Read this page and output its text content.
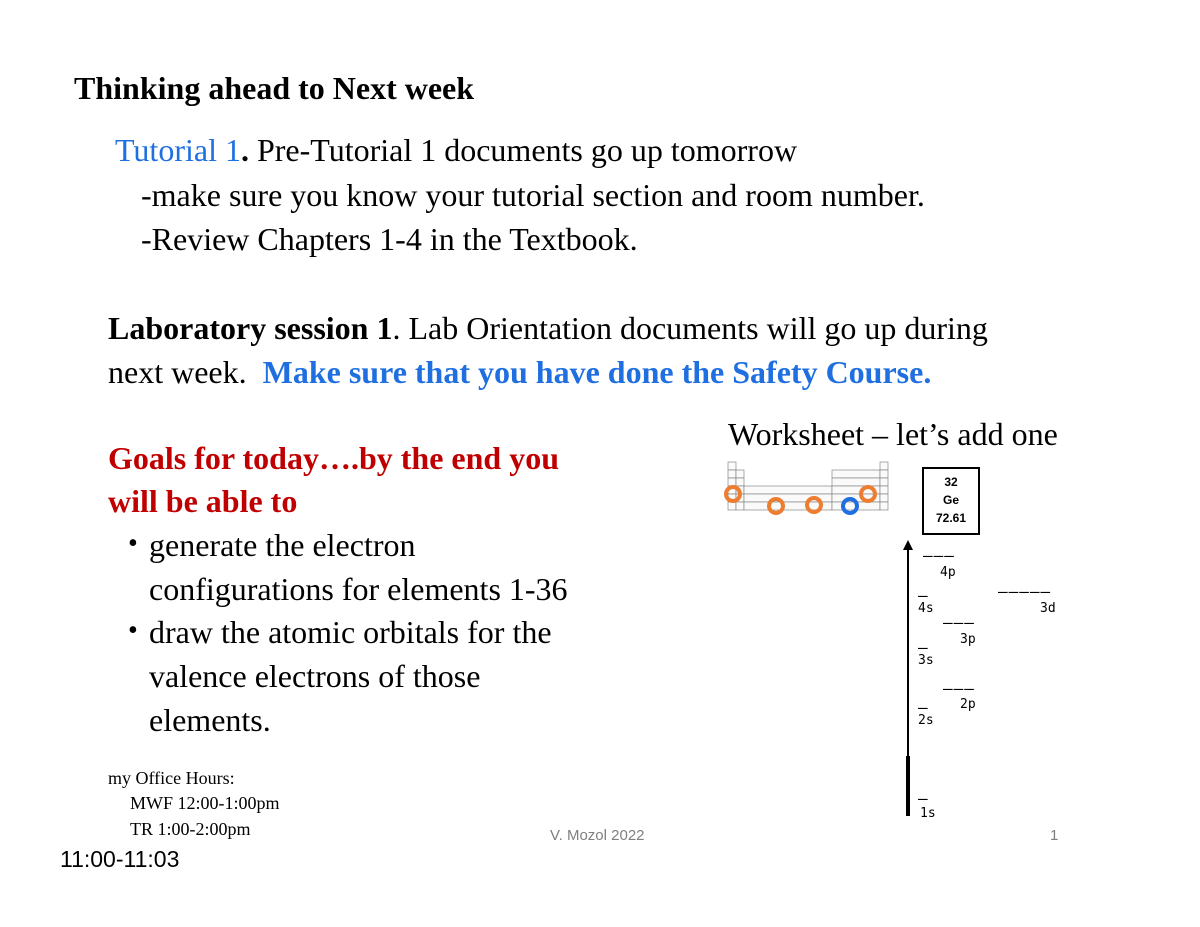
Thinking ahead to Next week
Tutorial 1. Pre-Tutorial 1 documents go up tomorrow
-make sure you know your tutorial section and room number.
-Review Chapters 1-4 in the Textbook.
Laboratory session 1. Lab Orientation documents will go up during
next week.  Make sure that you have done the Safety Course.
Goals for today….by the end you
will be able to
• generate the electron
configurations for elements 1-36
• draw the atomic orbitals for the
valence electrons of those
elements.
my Office Hours:
MWF 12:00-1:00pm
TR 1:00-2:00pm	V. Mozol 2022	1
11:00-11:03
Worksheet – let’s add one
32
Ge
72.61
–––
4p
–
4s
–––––
3d
–––
3p
–
3s
–––
2p
–
2s
–
1s
